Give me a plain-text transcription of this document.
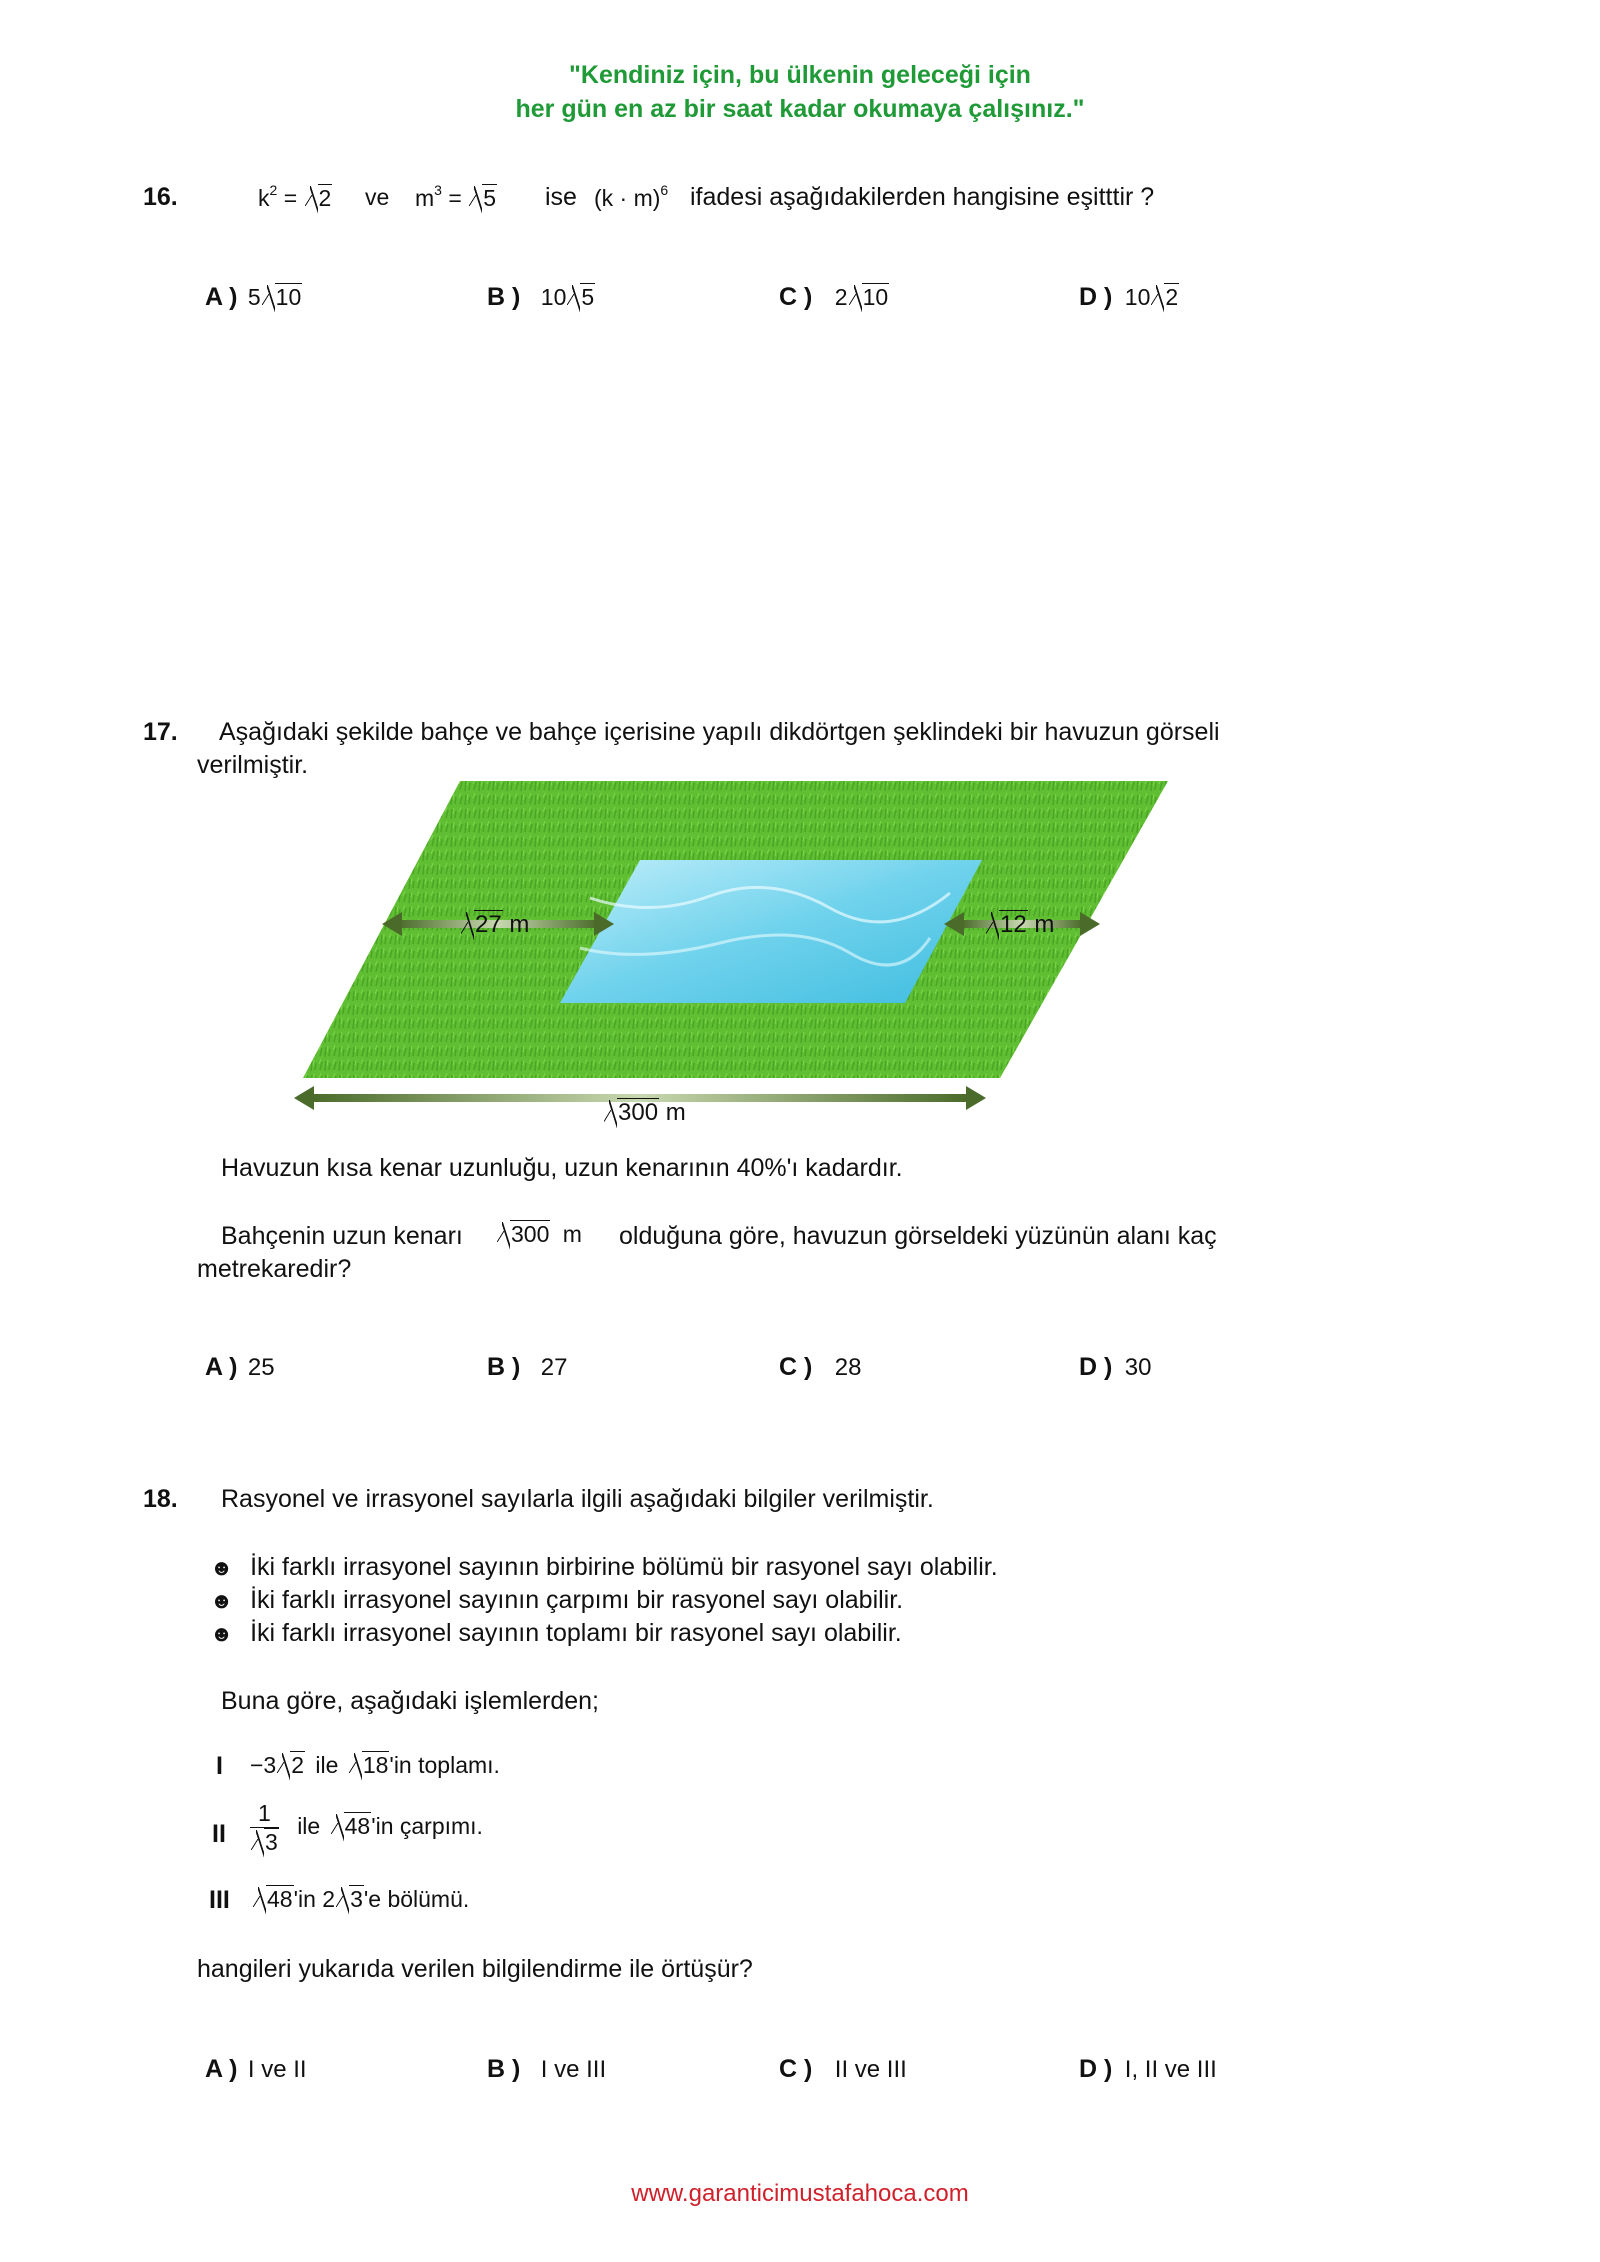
"Kendiniz için, bu ülkenin geleceği için
her gün en az bir saat kadar okumaya çalışınız."
16.	$k^2 = 2$ ve $m^3 = 5$ ise $(k \cdot m)^6$ ifadesi aşağıdakilerden hangisine eşitttir ?
A ) 5 10	B ) 10 5	C ) 2 10	D ) 10 2
17. Aşağıdaki şekilde bahçe ve bahçe içerisine yapılı dikdörtgen şeklindeki bir havuzun görseli
verilmiştir.
27 m	12 m
300 m
Havuzun kısa kenar uzunluğu, uzun kenarının 40%'ı kadardır.
Bahçenin uzun kenarı	300 m olduğuna göre, havuzun görseldeki yüzünün alanı kaç
metrekaredir?
A ) 25	B ) 27	C ) 28	D ) 30
18. Rasyonel ve irrasyonel sayılarla ilgili aşağıdaki bilgiler verilmiştir.
☻ İki farklı irrasyonel sayının birbirine bölümü bir rasyonel sayı olabilir.
☻ İki farklı irrasyonel sayının çarpımı bir rasyonel sayı olabilir.
☻ İki farklı irrasyonel sayının toplamı bir rasyonel sayı olabilir.
Buna göre, aşağıdaki işlemlerden;
I −3 2 ile 18'in toplamı.
II $\frac{1}{3}$ ile 48'in çarpımı.
III	48'in 2 3'e bölümü.
hangileri yukarıda verilen bilgilendirme ile örtüşür?
A ) I ve II	B ) I ve III	C ) II ve III	D ) I, II ve III
www.garanticimustafahoca.com
